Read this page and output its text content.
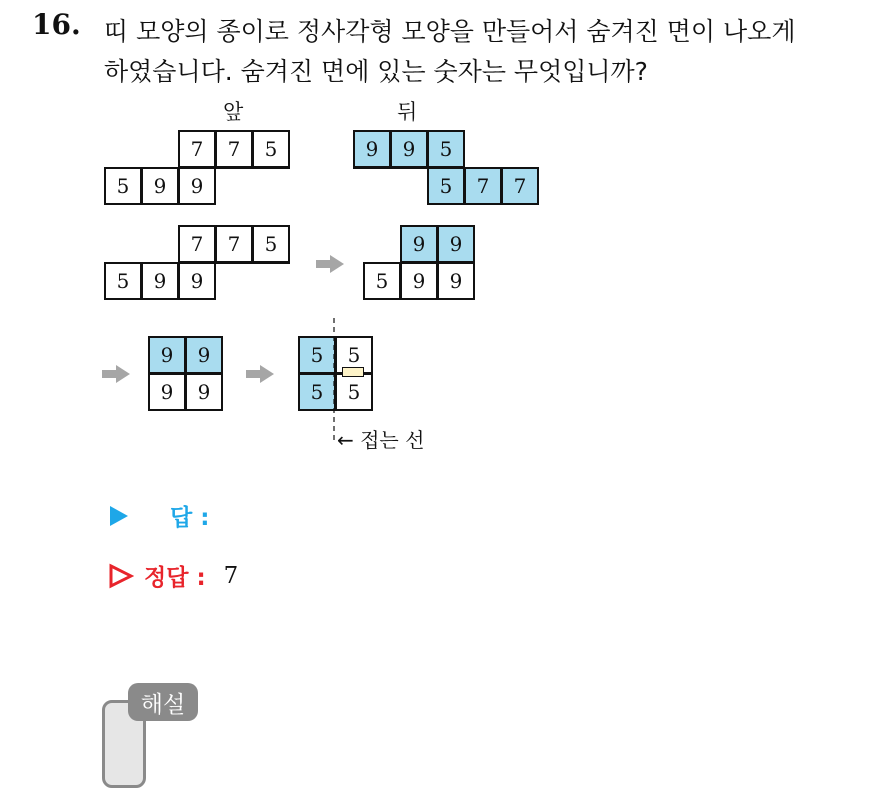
16. 띠 모양의 종이로 정사각형 모양을 만들어서 숨겨진 면이 나오게
하였습니다. 숨겨진 면에 있는 숫자는 무엇입니까?
앞	뒤
7	7	5
5	9	9
9	9	5
5	7	7
7	7	5
5	9	9
9	9
5	9	9
9	9
9	9
5	5
5	5
← 접는 선
답 :
정답 : 7
해설
